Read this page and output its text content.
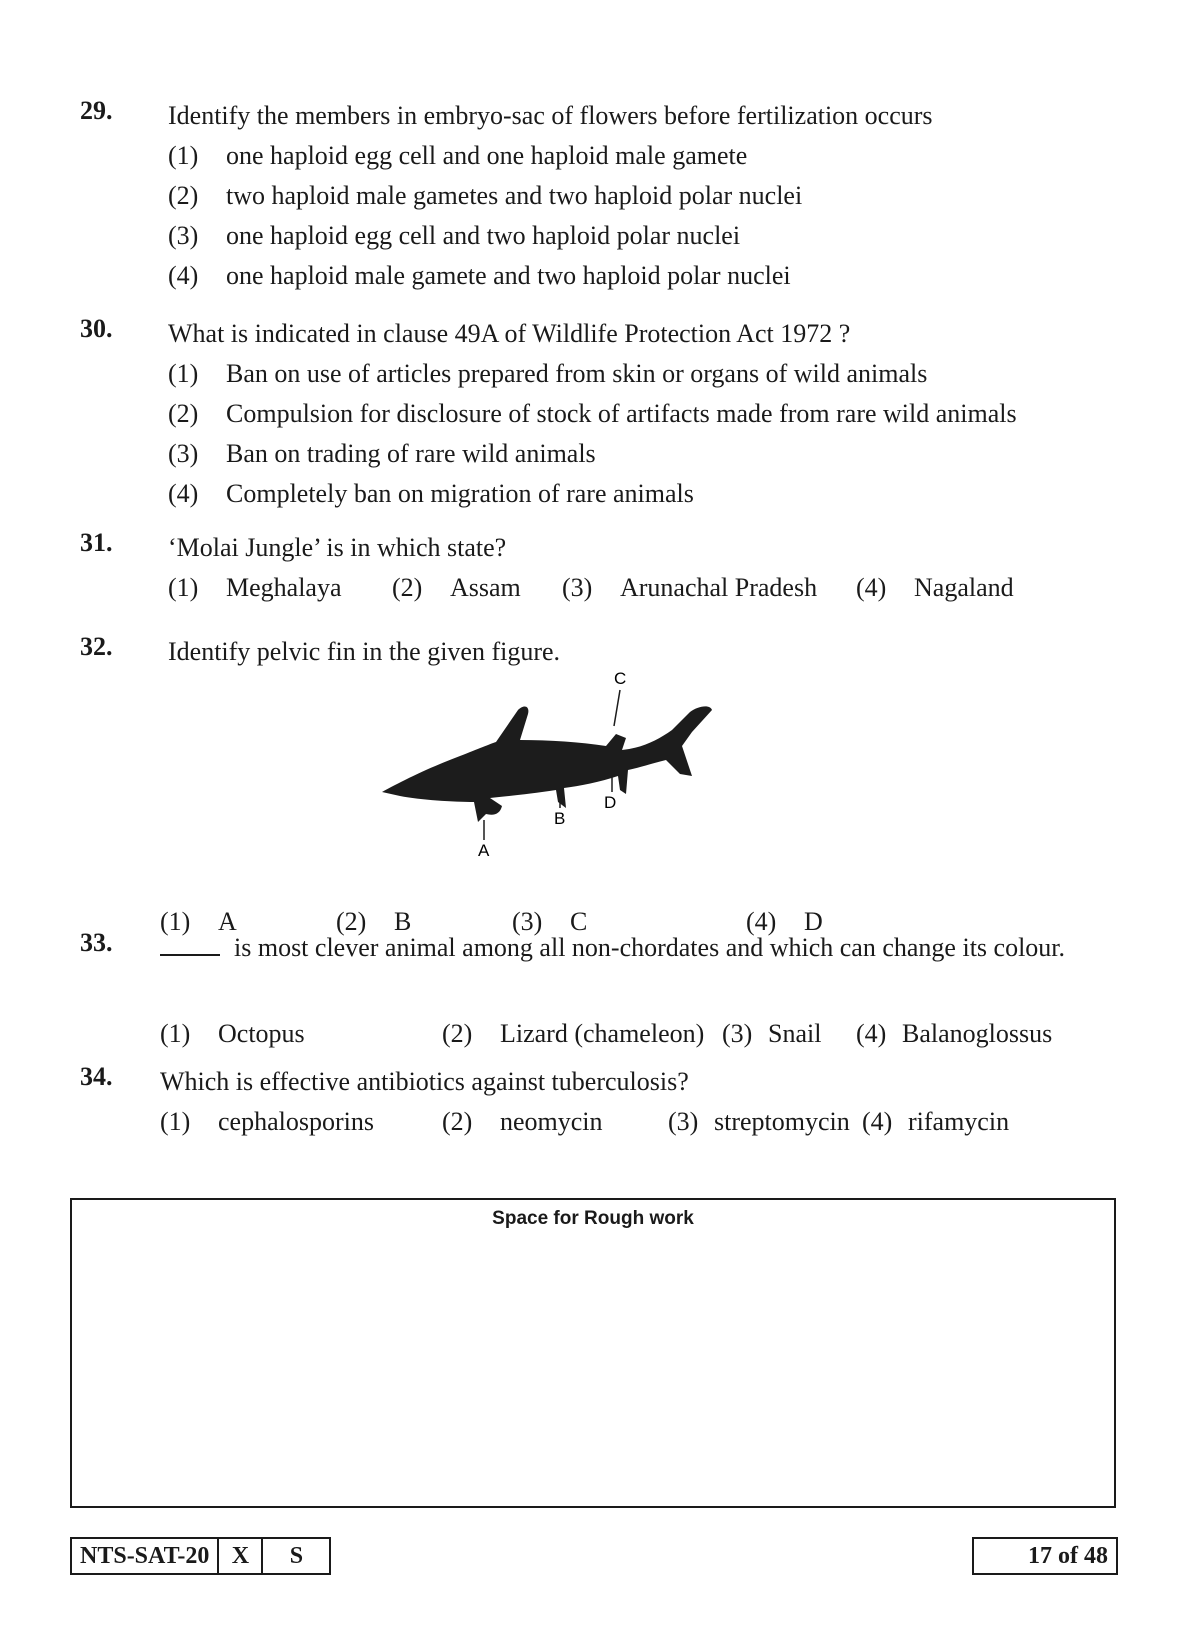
29. Identify the members in embryo-sac of flowers before fertilization occurs
(1) one haploid egg cell and one haploid male gamete
(2) two haploid male gametes and two haploid polar nuclei
(3) one haploid egg cell and two haploid polar nuclei
(4) one haploid male gamete and two haploid polar nuclei
30. What is indicated in clause 49A of Wildlife Protection Act 1972 ?
(1) Ban on use of articles prepared from skin or organs of wild animals
(2) Compulsion for disclosure of stock of artifacts made from rare wild animals
(3) Ban on trading of rare wild animals
(4) Completely ban on migration of rare animals
31. ‘Molai Jungle’ is in which state?
(1) Meghalaya (2) Assam (3) Arunachal Pradesh (4) Nagaland
32. Identify pelvic fin in the given figure.
(1) A	(2) B	(3) C	(4) D
A
B
C
D
33.	is most clever animal among all non-chordates and which can change its colour.
(1) Octopus	(2) Lizard (chameleon) (3) Snail (4) Balanoglossus
34. Which is effective antibiotics against tuberculosis?
(1) cephalosporins	(2) neomycin	(3) streptomycin (4) rifamycin
Space for Rough work
NTS-SAT-20 X	S	17 of 48
